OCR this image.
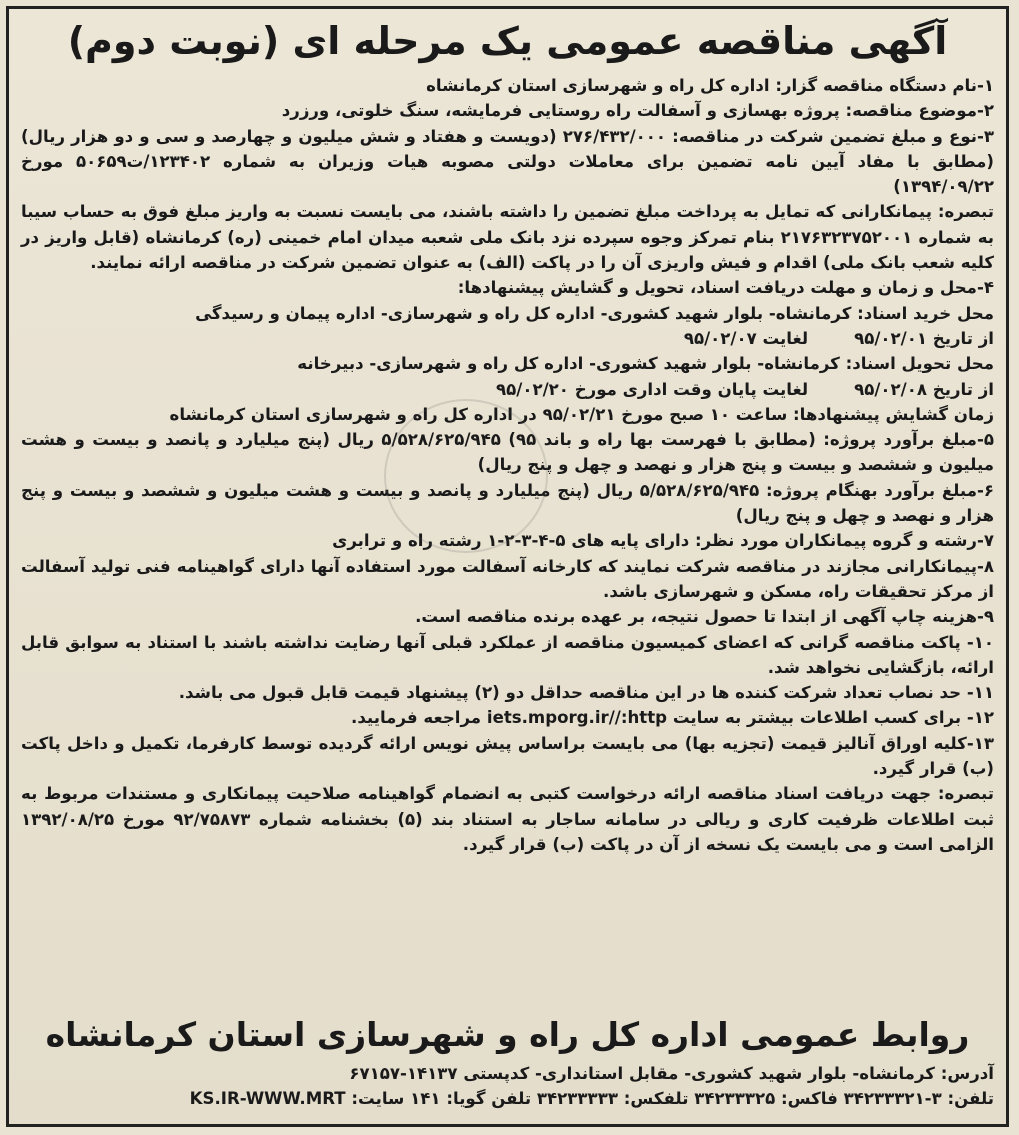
آگهی مناقصه عمومی یک مرحله ای (نوبت دوم)

۱-نام دستگاه مناقصه گزار: اداره کل راه و شهرسازی استان کرمانشاه

۲-موضوع مناقصه: پروژه بهسازی و آسفالت راه روستایی فرمایشه، سنگ خلوتی، ورزرد

۳-نوع و مبلغ تضمین شرکت در مناقصه: ۲۷۶/۴۳۲/۰۰۰ (دویست و هفتاد و شش میلیون و چهارصد و سی و دو هزار ریال) (مطابق با مفاد آیین نامه تضمین برای معاملات دولتی مصوبه هیات وزیران به شماره ۱۲۳۴۰۲/ت۵۰۶۵۹ مورخ ۱۳۹۴/۰۹/۲۲)

تبصره: پیمانکارانی که تمایل به پرداخت مبلغ تضمین را داشته باشند، می بایست نسبت به واریز مبلغ فوق به حساب سیبا به شماره ۲۱۷۶۳۲۳۷۵۲۰۰۱ بنام تمرکز وجوه سپرده نزد بانک ملی شعبه میدان امام خمینی (ره) کرمانشاه (قابل واریز در کلیه شعب بانک ملی) اقدام و فیش واریزی آن را در پاکت (الف) به عنوان تضمین شرکت در مناقصه ارائه نمایند.

۴-محل و زمان و مهلت دریافت اسناد، تحویل و گشایش پیشنهادها:

محل خرید اسناد: کرمانشاه- بلوار شهید کشوری- اداره کل راه و شهرسازی- اداره پیمان و رسیدگی

از تاریخ ۹۵/۰۲/۰۱
لغایت ۹۵/۰۲/۰۷

محل تحویل اسناد: کرمانشاه- بلوار شهید کشوری- اداره کل راه و شهرسازی- دبیرخانه

از تاریخ ۹۵/۰۲/۰۸
لغایت پایان وقت اداری مورخ ۹۵/۰۲/۲۰

زمان گشایش پیشنهادها: ساعت ۱۰ صبح مورخ ۹۵/۰۲/۲۱ در اداره کل راه و شهرسازی استان کرمانشاه

۵-مبلغ برآورد پروژه: (مطابق با فهرست بها راه و باند ۹۵) ۵/۵۲۸/۶۲۵/۹۴۵ ریال (پنج میلیارد و پانصد و بیست و هشت میلیون و ششصد و بیست و پنج هزار و نهصد و چهل و پنج ریال)

۶-مبلغ برآورد بهنگام پروژه: ۵/۵۲۸/۶۲۵/۹۴۵ ریال (پنج میلیارد و پانصد و بیست و هشت میلیون و ششصد و بیست و پنج هزار و نهصد و چهل و پنج ریال)

۷-رشته و گروه پیمانکاران مورد نظر: دارای پایه های ۵-۴-۳-۲-۱ رشته راه و ترابری

۸-پیمانکارانی مجازند در مناقصه شرکت نمایند که کارخانه آسفالت مورد استفاده آنها دارای گواهینامه فنی تولید آسفالت از مرکز تحقیقات راه، مسکن و شهرسازی باشد.

۹-هزینه چاپ آگهی از ابتدا تا حصول نتیجه، بر عهده برنده مناقصه است.

۱۰- پاکت مناقصه گرانی که اعضای کمیسیون مناقصه از عملکرد قبلی آنها رضایت نداشته باشند با استناد به سوابق قابل ارائه، بازگشایی نخواهد شد.

۱۱- حد نصاب تعداد شرکت کننده ها در این مناقصه حداقل دو (۲) پیشنهاد قیمت قابل قبول می باشد.

۱۲- برای کسب اطلاعات بیشتر به سایت iets.mporg.ir//:http مراجعه فرمایید.

۱۳-کلیه اوراق آنالیز قیمت (تجزیه بها) می بایست براساس پیش نویس ارائه گردیده توسط کارفرما، تکمیل و داخل پاکت (ب) قرار گیرد.

تبصره: جهت دریافت اسناد مناقصه ارائه درخواست کتبی به انضمام گواهینامه صلاحیت پیمانکاری و مستندات مربوط به ثبت اطلاعات ظرفیت کاری و ریالی در سامانه ساجار به استناد بند (۵) بخشنامه شماره ۹۲/۷۵۸۷۳ مورخ ۱۳۹۲/۰۸/۲۵ الزامی است و می بایست یک نسخه از آن در پاکت (ب) قرار گیرد.

روابط عمومی اداره کل راه و شهرسازی استان کرمانشاه

آدرس: کرمانشاه- بلوار شهید کشوری- مقابل استانداری- کدپستی ۱۴۱۳۷-۶۷۱۵۷

تلفن: ۳-۳۴۲۳۳۳۲۱ فاکس: ۳۴۲۳۳۳۲۵ تلفکس: ۳۴۲۳۳۳۳۳ تلفن گویا: ۱۴۱ سایت: KS.IR-WWW.MRT
